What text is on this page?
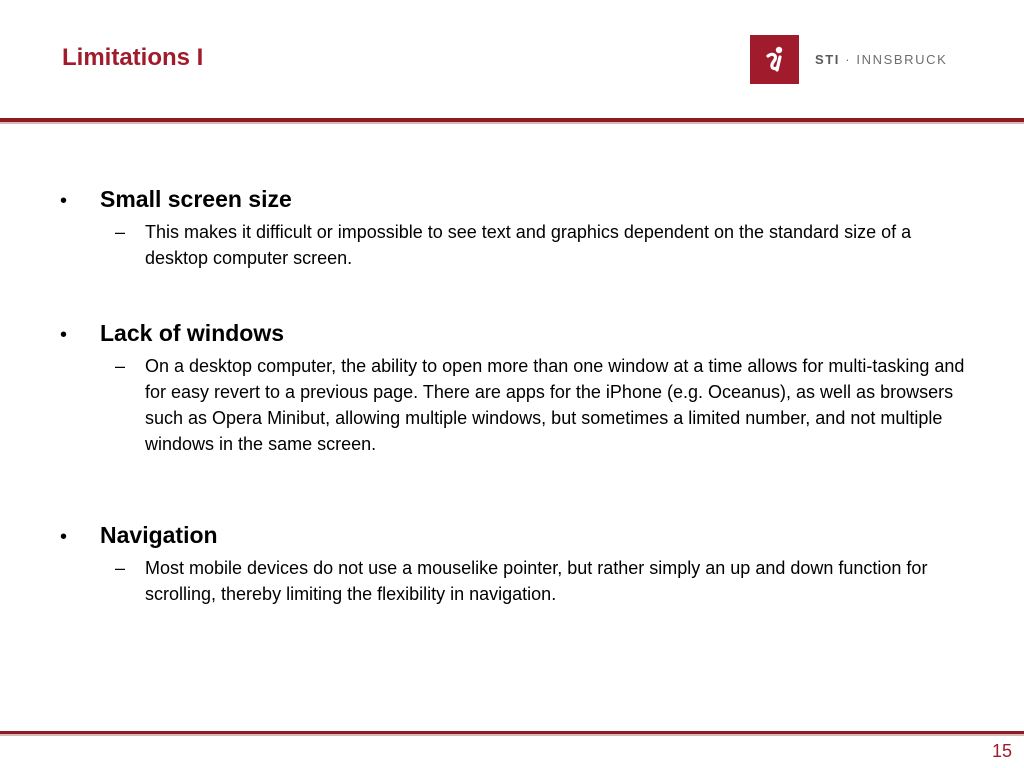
Limitations I	STI · INNSBRUCK
•	Small screen size
–	This makes it difficult or impossible to see text and graphics dependent on the standard size of a desktop computer screen.
•	Lack of windows
–	On a desktop computer, the ability to open more than one window at a time allows for multi-tasking and for easy revert to a previous page. There are apps for the iPhone (e.g. Oceanus), as well as browsers such as Opera Minibut, allowing multiple windows, but sometimes a limited number, and not multiple windows in the same screen.
•	Navigation
–	Most mobile devices do not use a mouselike pointer, but rather simply an up and down function for scrolling, thereby limiting the flexibility in navigation.
15
